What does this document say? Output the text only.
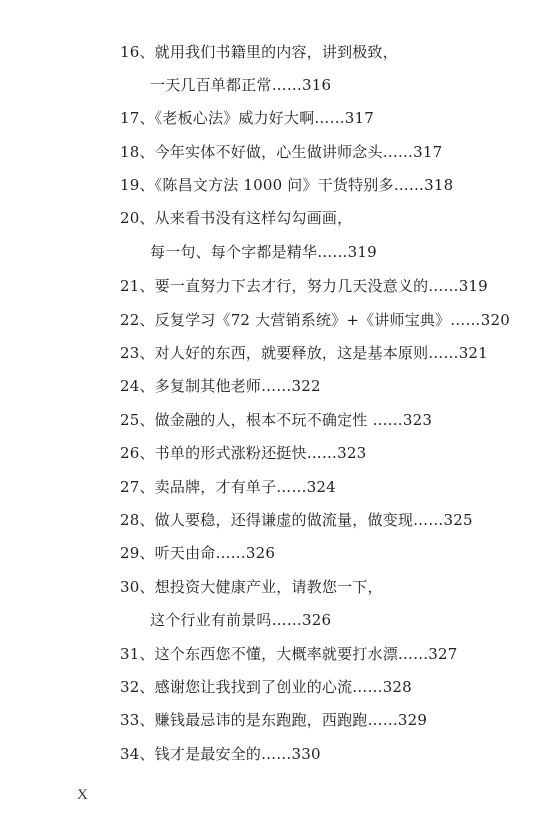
16、就用我们书籍里的内容，讲到极致，
一天几百单都正常……316
17、《老板心法》威力好大啊……317
18、今年实体不好做，心生做讲师念头……317
19、《陈昌文方法 1000 问》干货特别多……318
20、从来看书没有这样勾勾画画，
每一句、每个字都是精华……319
21、要一直努力下去才行，努力几天没意义的……319
22、反复学习《72 大营销系统》+《讲师宝典》……320
23、对人好的东西，就要释放，这是基本原则……321
24、多复制其他老师……322
25、做金融的人，根本不玩不确定性 ……323
26、书单的形式涨粉还挺快……323
27、卖品牌，才有单子……324
28、做人要稳，还得谦虚的做流量，做变现……325
29、听天由命……326
30、想投资大健康产业，请教您一下，
这个行业有前景吗……326
31、这个东西您不懂，大概率就要打水漂……327
32、感谢您让我找到了创业的心流……328
33、赚钱最忌讳的是东跑跑，西跑跑……329
34、钱才是最安全的……330
X
